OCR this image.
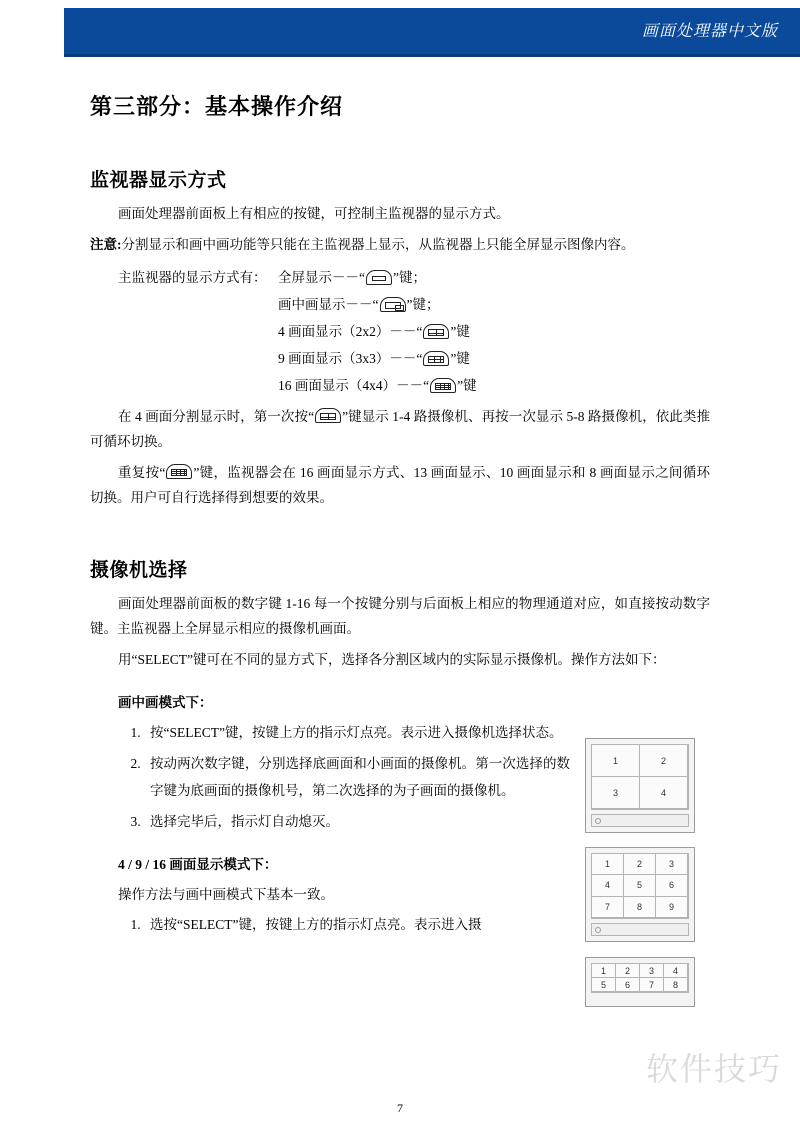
画面处理器中文版
第三部分：基本操作介绍
监视器显示方式

画面处理器前面板上有相应的按键，可控制主监视器的显示方式。

注意:分割显示和画中画功能等只能在主监视器上显示，从监视器上只能全屏显示图像内容。

主监视器的显示方式有： 全屏显示－－“ ”键；
画中画显示－－“ ”键；
4 画面显示（2x2）－－“ ”键
9 画面显示（3x3）－－“ ”键
16 画面显示（4x4）－－“ ”键

在 4 画面分割显示时，第一次按“ ”键显示 1-4 路摄像机、再按一次显示 5-8 路摄像机，依此类推可循环切换。

重复按“ ”键，监视器会在 16 画面显示方式、13 画面显示、10 画面显示和 8 画面显示之间循环切换。用户可自行选择得到想要的效果。

摄像机选择

画面处理器前面板的数字键 1-16 每一个按键分别与后面板上相应的物理通道对应，如直接按动数字键。主监视器上全屏显示相应的摄像机画面。

用“SELECT”键可在不同的显方式下，选择各分割区域内的实际显示摄像机。操作方法如下：

画中画模式下：
1. 按“SELECT”键，按键上方的指示灯点亮。表示进入摄像机选择状态。
2. 按动两次数字键，分别选择底画面和小画面的摄像机。第一次选择的数字键为底画面的摄像机号，第二次选择的为子画面的摄像机。
3. 选择完毕后，指示灯自动熄灭。
4 / 9 / 16 画面显示模式下：
操作方法与画中画模式下基本一致。
1. 选按“SELECT”键，按键上方的指示灯点亮。表示进入摄
1	2
3	4
1	2	3
4	5	6
7	8	9
1	2	3	4
5	6	7	8
软件技巧
7
